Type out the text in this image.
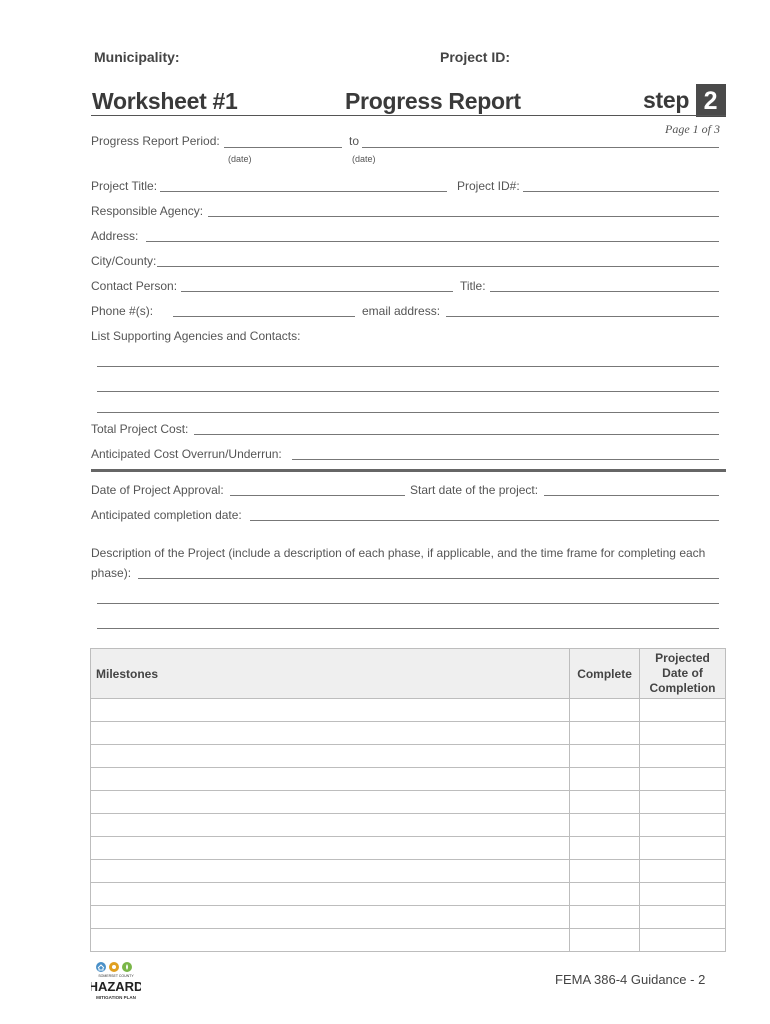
Municipality:	Project ID:
Worksheet #1	Progress Report	step 2
Page 1 of 3
Progress Report Period:	to
(date)	(date)
Project Title:	Project ID#:
Responsible Agency:
Address:
City/County:
Contact Person:	Title:
Phone #(s):	email address:
List Supporting Agencies and Contacts:
Total Project Cost:
Anticipated Cost Overrun/Underrun:
Date of Project Approval:	Start date of the project:
Anticipated completion date:
Description of the Project (include a description of each phase, if applicable, and the time frame for completing each
phase):
Milestones	Complete	Projected
Date of
Completion

SOMERSET COUNTY
HAZARD
MITIGATION PLAN
FEMA 386-4 Guidance - 2
